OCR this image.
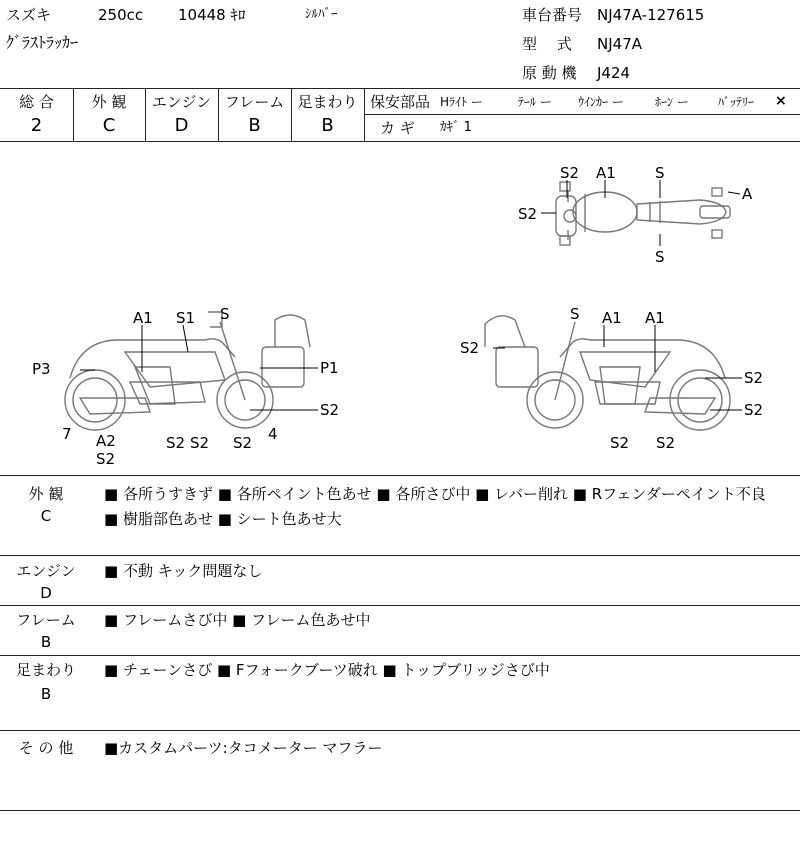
スズキ	250cc 10448 ｷﾛ	ｼﾙﾊﾞｰ
ｸﾞﾗｽﾄﾗｯｶｰ
車台番号 NJ47A-127615
型　 式 NJ47A
原 動 機 J424
総 合
2
外 観
C
エンジン
D
フレーム
B
足まわり
B
保安部品 Hﾗｲﾄ ー	ﾃｰﾙ ー ｳｲﾝｶｰ ー	ﾎｰﾝ ー ﾊﾞｯﾃﾘｰ ×
カ ギ ｶｷﾞ 1
S2 A1	S
A
S2
S
A1 S1 S
P3	P1
S2
7 A2
S2
S2 S2 S2 4
S A1 A1
S2
S2
S2
S2 S2
外 観
C
■ 各所うすきず ■ 各所ペイント色あせ ■ 各所さび中 ■ レバー削れ ■ Rフェンダーペイント不良 ■ 樹脂部色あせ ■ シート色あせ大
エンジン
D
■ 不動 キック問題なし
フレーム
B
■ フレームさび中 ■ フレーム色あせ中
足まわり
B
■ チェーンさび ■ Fフォークブーツ破れ ■ トップブリッジさび中
そ の 他	■カスタムパーツ:タコメーター マフラー
